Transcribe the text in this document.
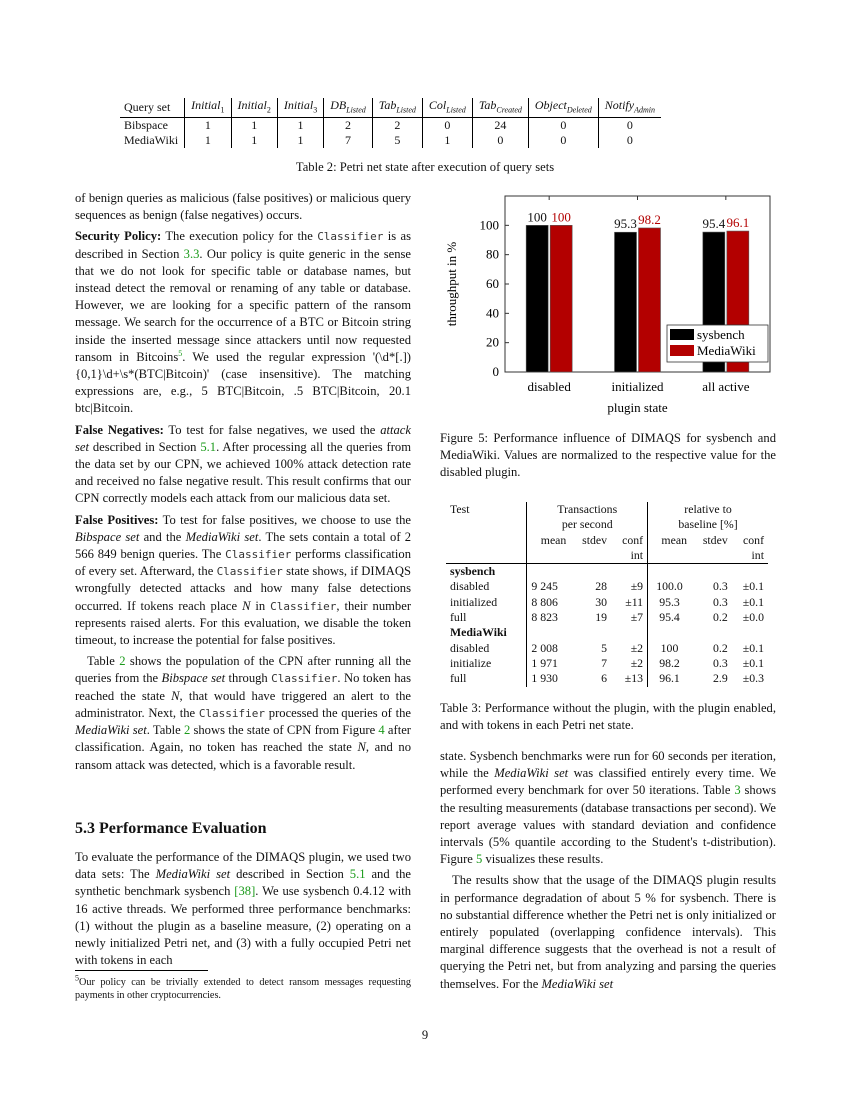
Query set	Initial$_1$	Initial$_2$	Initial$_3$	$DB_{Listed}$	Tab$_{Listed}$	Col$_{Listed}$	Tab$_{Created}$	Object$_{Deleted}$	Notify$_{Admin}$
Bibspace	1	1	1	2	2	0	24	0	0
MediaWiki	1	1	1	7	5	1	0	0	0
Table 2: Petri net state after execution of query sets

of benign queries as malicious (false positives) or malicious query sequences as benign (false negatives) occurs.

Security Policy: The execution policy for the Classifier is as described in Section 3.3. Our policy is quite generic in the sense that we do not look for specific table or database names, but instead detect the removal or renaming of any table or database. However, we are looking for a specific pattern of the ransom message. We search for the occurrence of a BTC or Bitcoin string inside the inserted message since attackers until now requested ransom in Bitcoins$^5$. We used the regular expression '(\d*[.]){0,1}\d+\s*(BTC|Bitcoin)' (case insensitive). The matching expressions are, e.g., 5 BTC|Bitcoin, .5 BTC|Bitcoin, 20.1 btc|Bitcoin.

False Negatives: To test for false negatives, we used the attack set described in Section 5.1. After processing all the queries from the data set by our CPN, we achieved 100% attack detection rate and received no false negative result. This result confirms that our CPN correctly models each attack from our malicious data set.

False Positives: To test for false positives, we choose to use the Bibspace set and the MediaWiki set. The sets contain a total of 2 566 849 benign queries. The Classifier performs classification of every set. Afterward, the Classifier state shows, if DIMAQS wrongfully detected attacks and how many false detections occurred. If tokens reach place N in Classifier, their number represents raised alerts. For this evaluation, we disable the token timeout, to increase the potential for false positives.

Table 2 shows the population of the CPN after running all the queries from the Bibspace set through Classifier. No token has reached the state N, that would have triggered an alert to the administrator. Next, the Classifier processed the queries of the MediaWiki set. Table 2 shows the state of CPN from Figure 4 after classification. Again, no token has reached the state N, and no ransom attack was detected, which is a favorable result.

5.3 Performance Evaluation

To evaluate the performance of the DIMAQS plugin, we used two data sets: The MediaWiki set described in Section 5.1 and the synthetic benchmark sysbench [38]. We use sysbench 0.4.12 with 16 active threads. We performed three performance benchmarks: (1) without the plugin as a baseline measure, (2) operating on a newly initialized Petri net, and (3) with a fully occupied Petri net with tokens in each

$^5$Our policy can be trivially extended to detect ransom messages requesting payments in other cryptocurrencies.
0
20
40
60
80
100
disabled
100 100
initialized
95.3 98.2
all active
95.4 96.1
plugin state
throughput in %
sysbench
MediaWiki
Figure 5: Performance influence of DIMAQS for sysbench and MediaWiki. Values are normalized to the respective value for the disabled plugin.
Test	Transactions			relative to		
	per second			baseline [%]		
	mean	stdev	conf	mean	stdev	conf
			int			int
sysbench						
disabled	9 245	28	±9	100.0	0.3	±0.1
initialized	8 806	30	±11	95.3	0.3	±0.1
full	8 823	19	±7	95.4	0.2	±0.0
MediaWiki						
disabled	2 008	5	±2	100	0.2	±0.1
initialize	1 971	7	±2	98.2	0.3	±0.1
full	1 930	6	±13	96.1	2.9	±0.3
Table 3: Performance without the plugin, with the plugin enabled, and with tokens in each Petri net state.

state. Sysbench benchmarks were run for 60 seconds per iteration, while the MediaWiki set was classified entirely every time. We performed every benchmark for over 50 iterations. Table 3 shows the resulting measurements (database transactions per second). We report average values with standard deviation and confidence intervals (5% quantile according to the Student's t-distribution). Figure 5 visualizes these results.

The results show that the usage of the DIMAQS plugin results in performance degradation of about 5 % for sysbench. There is no substantial difference whether the Petri net is only initialized or entirely populated (overlapping confidence intervals). This marginal difference suggests that the overhead is not a result of querying the Petri net, but from analyzing and parsing the queries themselves. For the MediaWiki set

9
